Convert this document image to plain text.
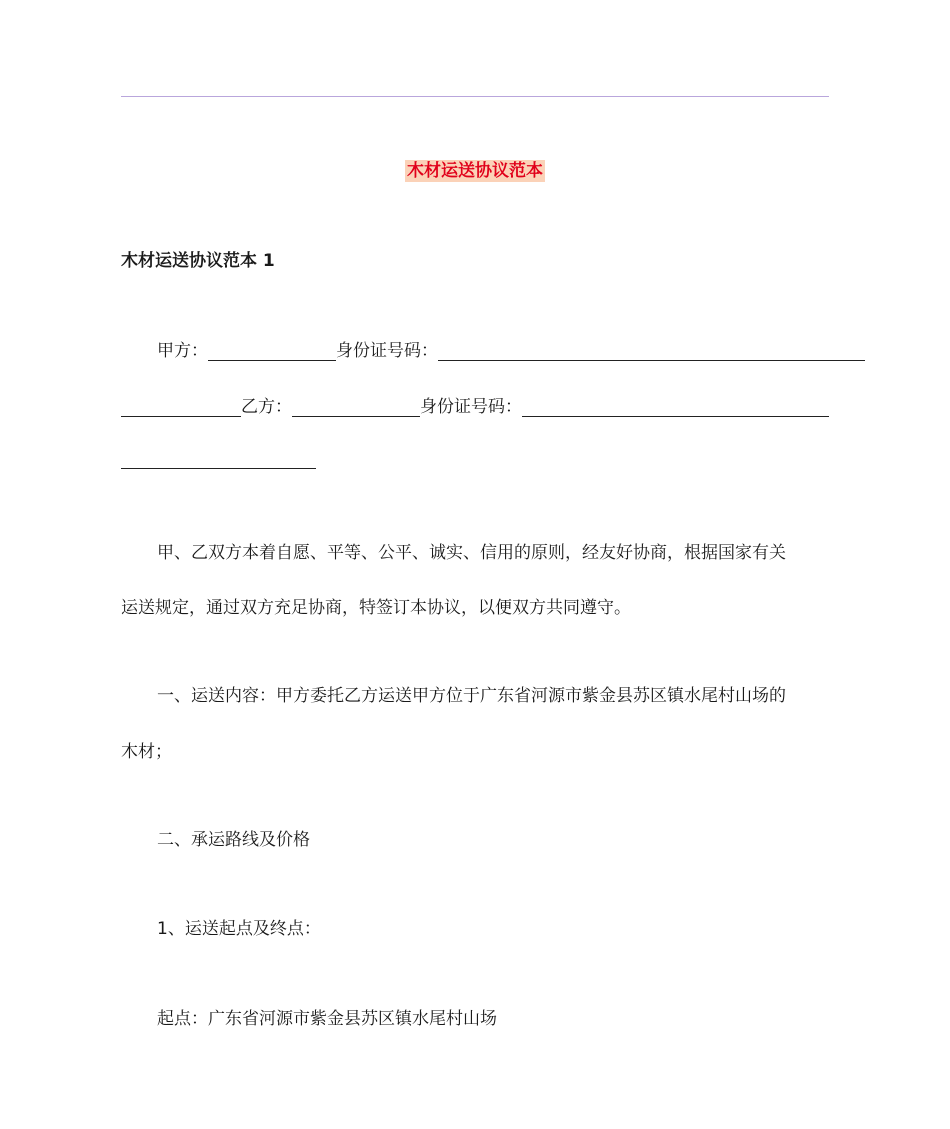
木材运送协议范本
木材运送协议范本 1
甲方：	身份证号码：
乙方：	身份证号码：
甲、乙双方本着自愿、平等、公平、诚实、信用的原则，经友好协商，根据国家有关
运送规定，通过双方充足协商，特签订本协议，以便双方共同遵守。
一、运送内容：甲方委托乙方运送甲方位于广东省河源市紫金县苏区镇水尾村山场的
木材；
二、承运路线及价格
1、运送起点及终点：
起点：广东省河源市紫金县苏区镇水尾村山场
